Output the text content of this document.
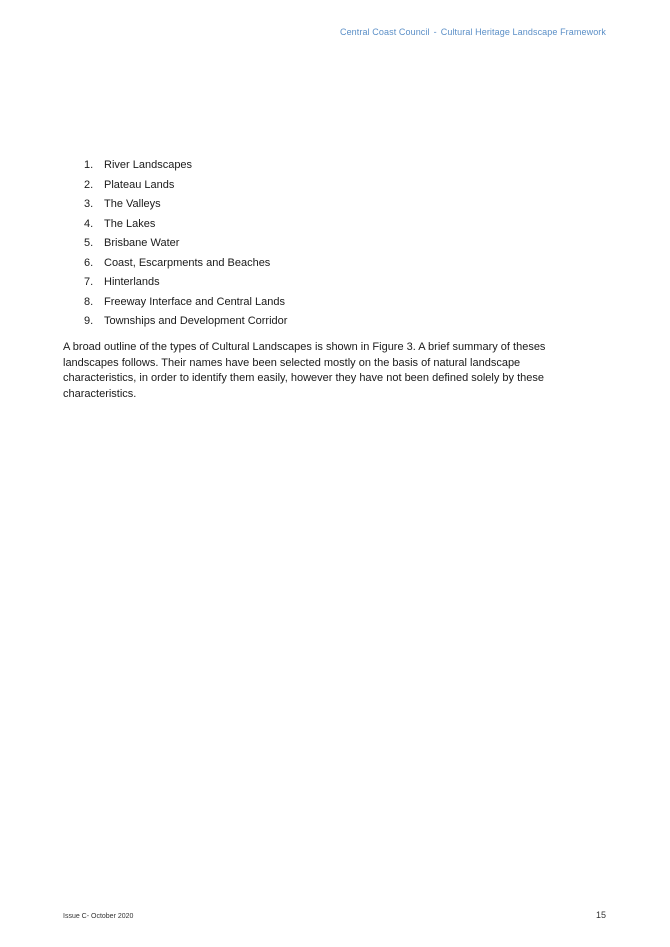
Central Coast Council - Cultural Heritage Landscape Framework
1. River Landscapes
2. Plateau Lands
3. The Valleys
4. The Lakes
5. Brisbane Water
6. Coast, Escarpments and Beaches
7. Hinterlands
8. Freeway Interface and Central Lands
9. Townships and Development Corridor

A broad outline of the types of Cultural Landscapes is shown in Figure 3. A brief summary of theses landscapes follows. Their names have been selected mostly on the basis of natural landscape characteristics, in order to identify them easily, however they have not been defined solely by these characteristics.

Issue C- October 2020	15
